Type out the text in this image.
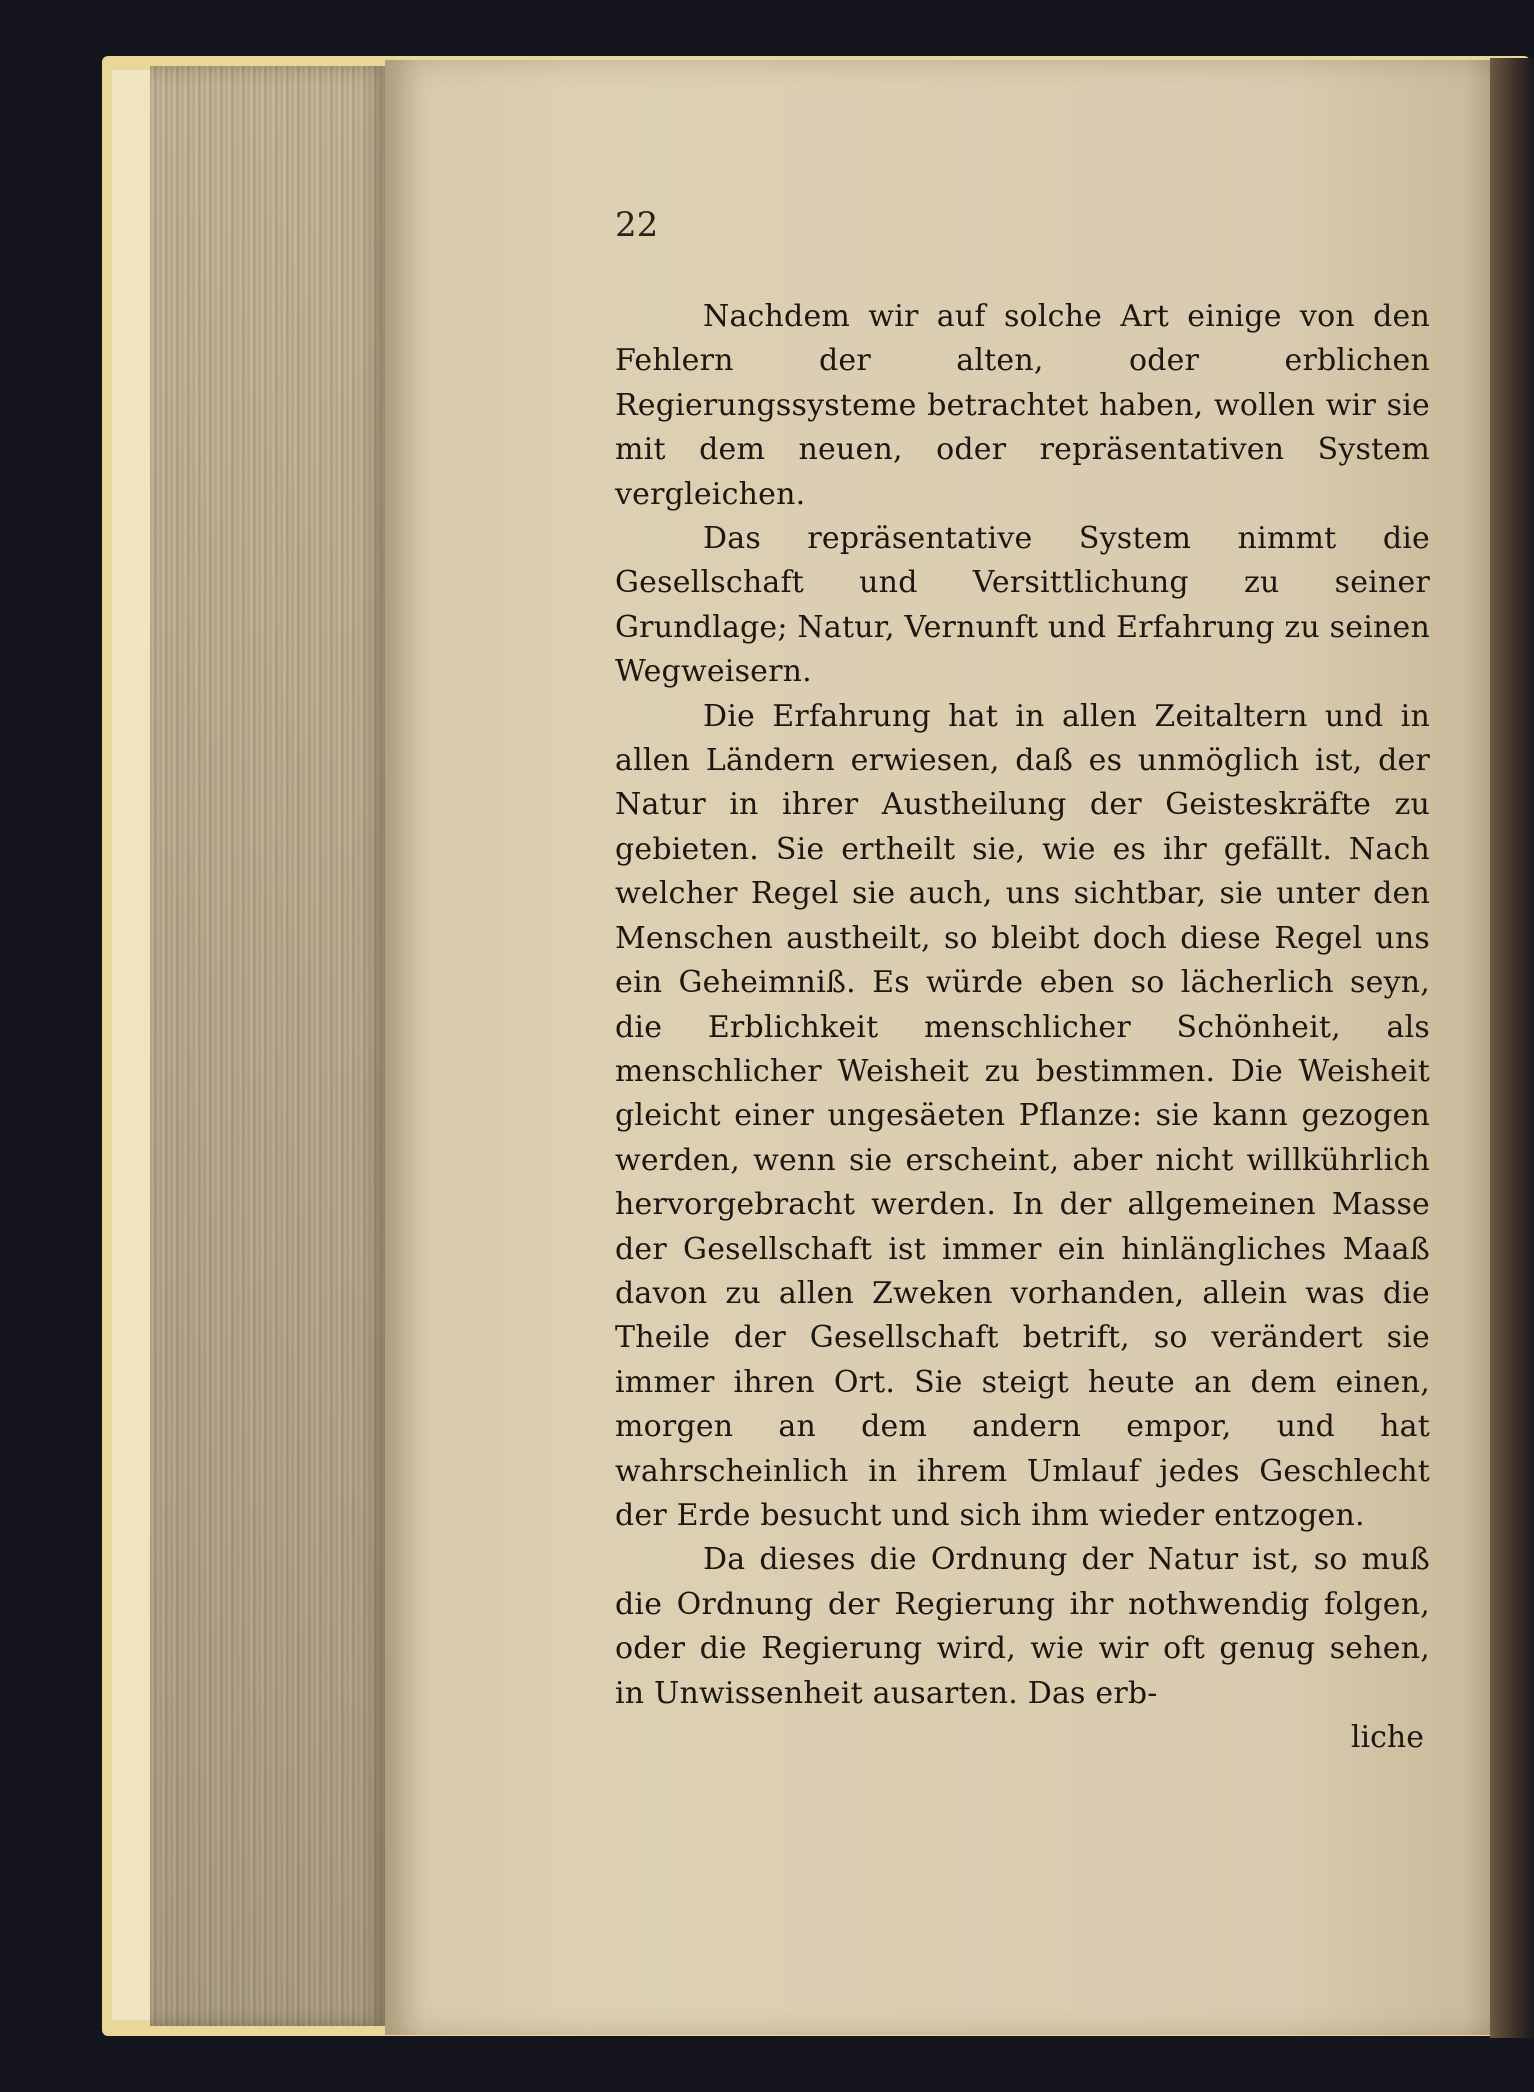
22

Nachdem wir auf solche Art einige von den Fehlern der alten, oder erblichen Regierungssysteme betrachtet haben, wollen wir sie mit dem neuen, oder repräsentativen System vergleichen.

Das repräsentative System nimmt die Gesellschaft und Versittlichung zu seiner Grundlage; Natur, Vernunft und Erfahrung zu seinen Wegweisern.

Die Erfahrung hat in allen Zeitaltern und in allen Ländern erwiesen, daß es unmöglich ist, der Natur in ihrer Austheilung der Geisteskräfte zu gebieten. Sie ertheilt sie, wie es ihr gefällt. Nach welcher Regel sie auch, uns sichtbar, sie unter den Menschen austheilt, so bleibt doch diese Regel uns ein Geheimniß. Es würde eben so lächerlich seyn, die Erblichkeit menschlicher Schönheit, als menschlicher Weisheit zu bestimmen. Die Weisheit gleicht einer ungesäeten Pflanze: sie kann gezogen werden, wenn sie erscheint, aber nicht willkührlich hervorgebracht werden. In der allgemeinen Masse der Gesellschaft ist immer ein hinlängliches Maaß davon zu allen Zweken vorhanden, allein was die Theile der Gesellschaft betrift, so verändert sie immer ihren Ort. Sie steigt heute an dem einen, morgen an dem andern empor, und hat wahrscheinlich in ihrem Umlauf jedes Geschlecht der Erde besucht und sich ihm wieder entzogen.

Da dieses die Ordnung der Natur ist, so muß die Ordnung der Regierung ihr nothwendig folgen, oder die Regierung wird, wie wir oft genug sehen, in Unwissenheit ausarten. Das erb-

liche
